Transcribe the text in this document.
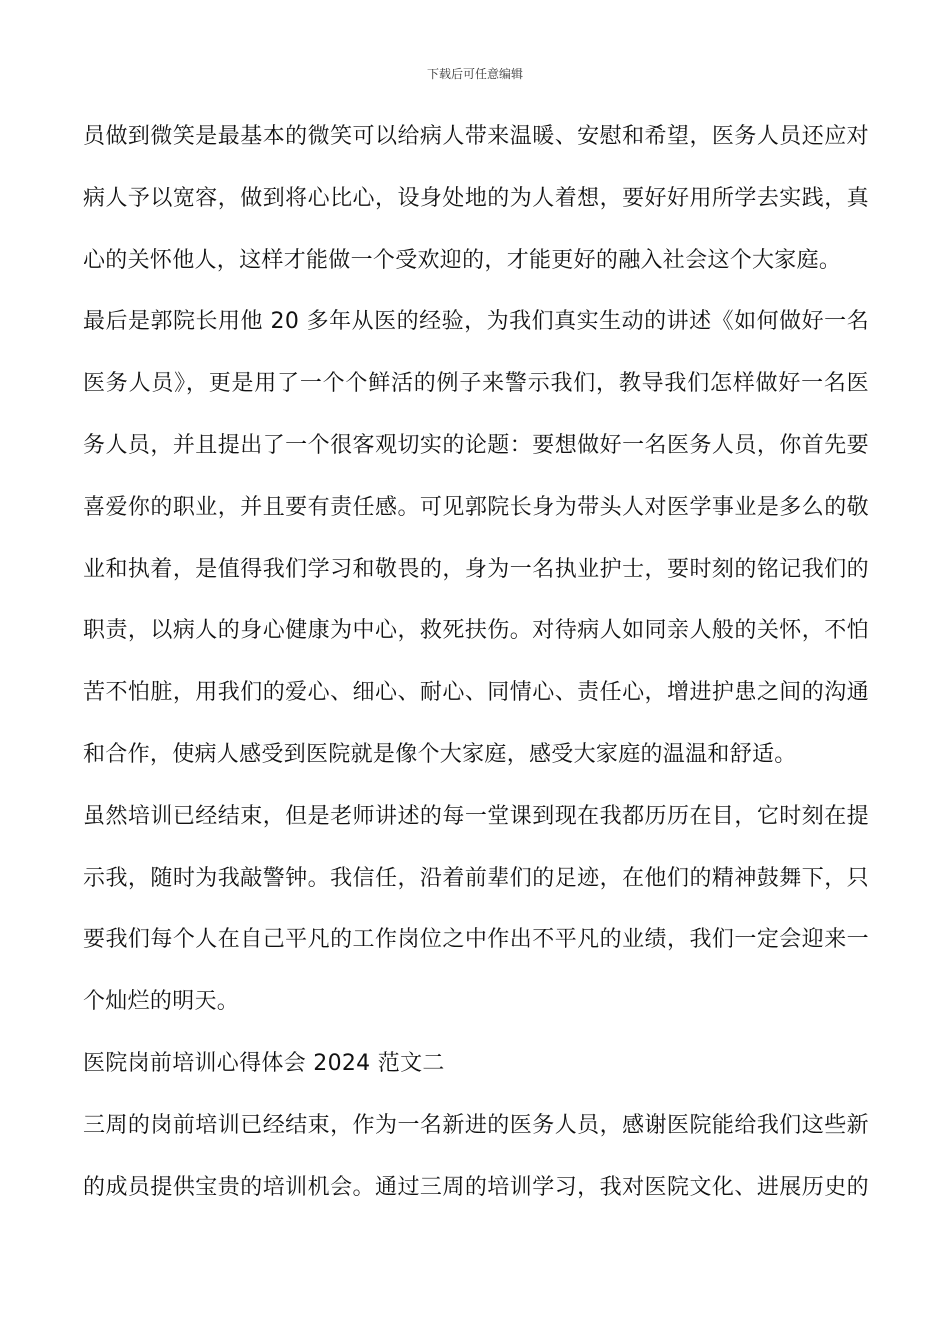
下载后可任意编辑
员做到微笑是最基本的微笑可以给病人带来温暖、安慰和希望，医务人员还应对
病人予以宽容，做到将心比心，设身处地的为人着想，要好好用所学去实践，真
心的关怀他人，这样才能做一个受欢迎的，才能更好的融入社会这个大家庭。
最后是郭院长用他 20 多年从医的经验，为我们真实生动的讲述《如何做好一名
医务人员》，更是用了一个个鲜活的例子来警示我们，教导我们怎样做好一名医
务人员，并且提出了一个很客观切实的论题：要想做好一名医务人员，你首先要
喜爱你的职业，并且要有责任感。可见郭院长身为带头人对医学事业是多么的敬
业和执着，是值得我们学习和敬畏的，身为一名执业护士，要时刻的铭记我们的
职责，以病人的身心健康为中心，救死扶伤。对待病人如同亲人般的关怀，不怕
苦不怕脏，用我们的爱心、细心、耐心、同情心、责任心，增进护患之间的沟通
和合作，使病人感受到医院就是像个大家庭，感受大家庭的温温和舒适。
虽然培训已经结束，但是老师讲述的每一堂课到现在我都历历在目，它时刻在提
示我，随时为我敲警钟。我信任，沿着前辈们的足迹，在他们的精神鼓舞下，只
要我们每个人在自己平凡的工作岗位之中作出不平凡的业绩，我们一定会迎来一
个灿烂的明天。
医院岗前培训心得体会 2024 范文二
三周的岗前培训已经结束，作为一名新进的医务人员，感谢医院能给我们这些新
的成员提供宝贵的培训机会。通过三周的培训学习，我对医院文化、进展历史的
